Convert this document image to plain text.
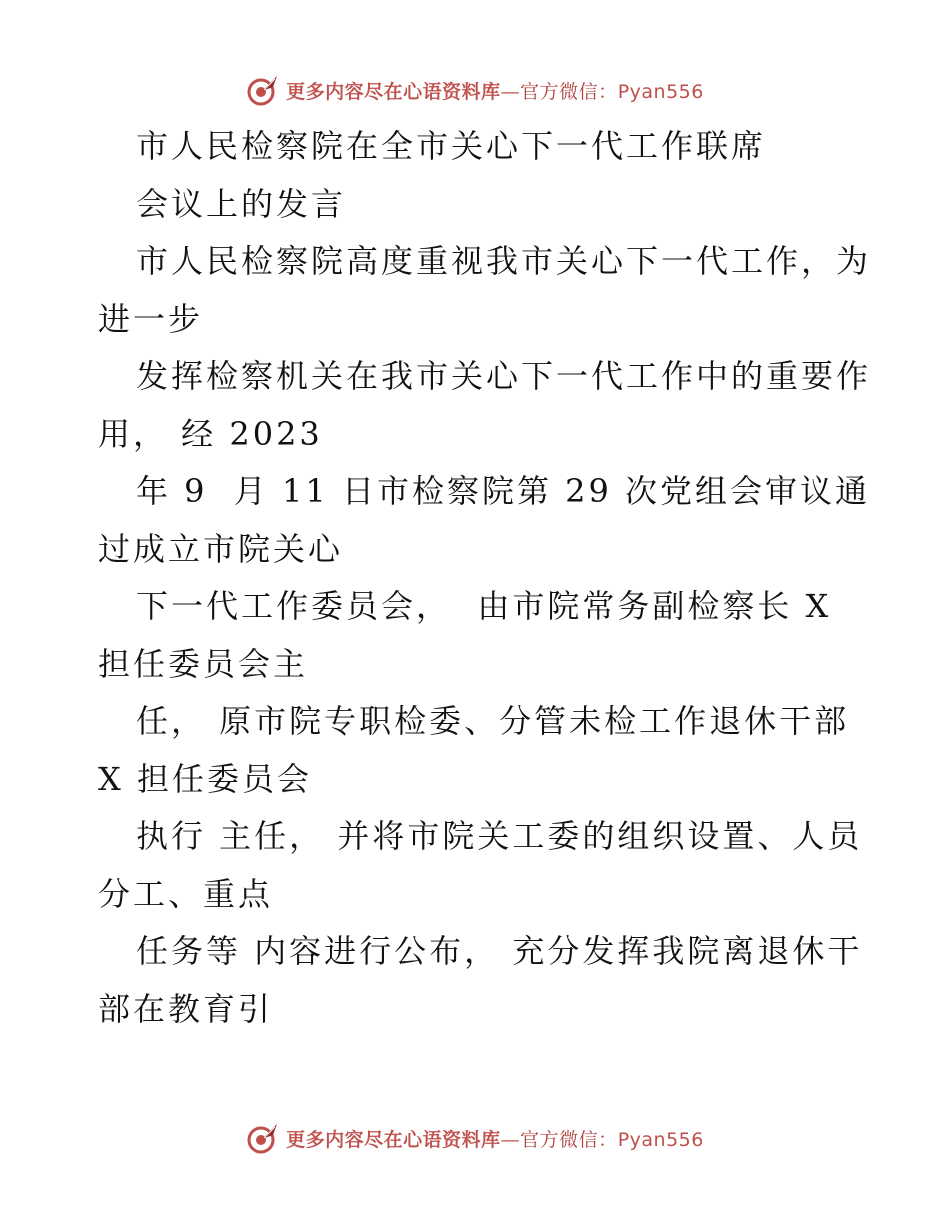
更多内容尽在心语资料库—官方微信：Pyan556
市人民检察院在全市关心下一代工作联席
会议上的发言
市人民检察院高度重视我市关心下一代工作，为
进一步
发挥检察机关在我市关心下一代工作中的重要作
用， 经 2023
年 9  月 11 日市检察院第 29 次党组会审议通
过成立市院关心
下一代工作委员会，  由市院常务副检察长 X
担任委员会主
任， 原市院专职检委、分管未检工作退休干部
X 担任委员会
执行 主任， 并将市院关工委的组织设置、人员
分工、重点
任务等 内容进行公布， 充分发挥我院离退休干
部在教育引
更多内容尽在心语资料库—官方微信：Pyan556
